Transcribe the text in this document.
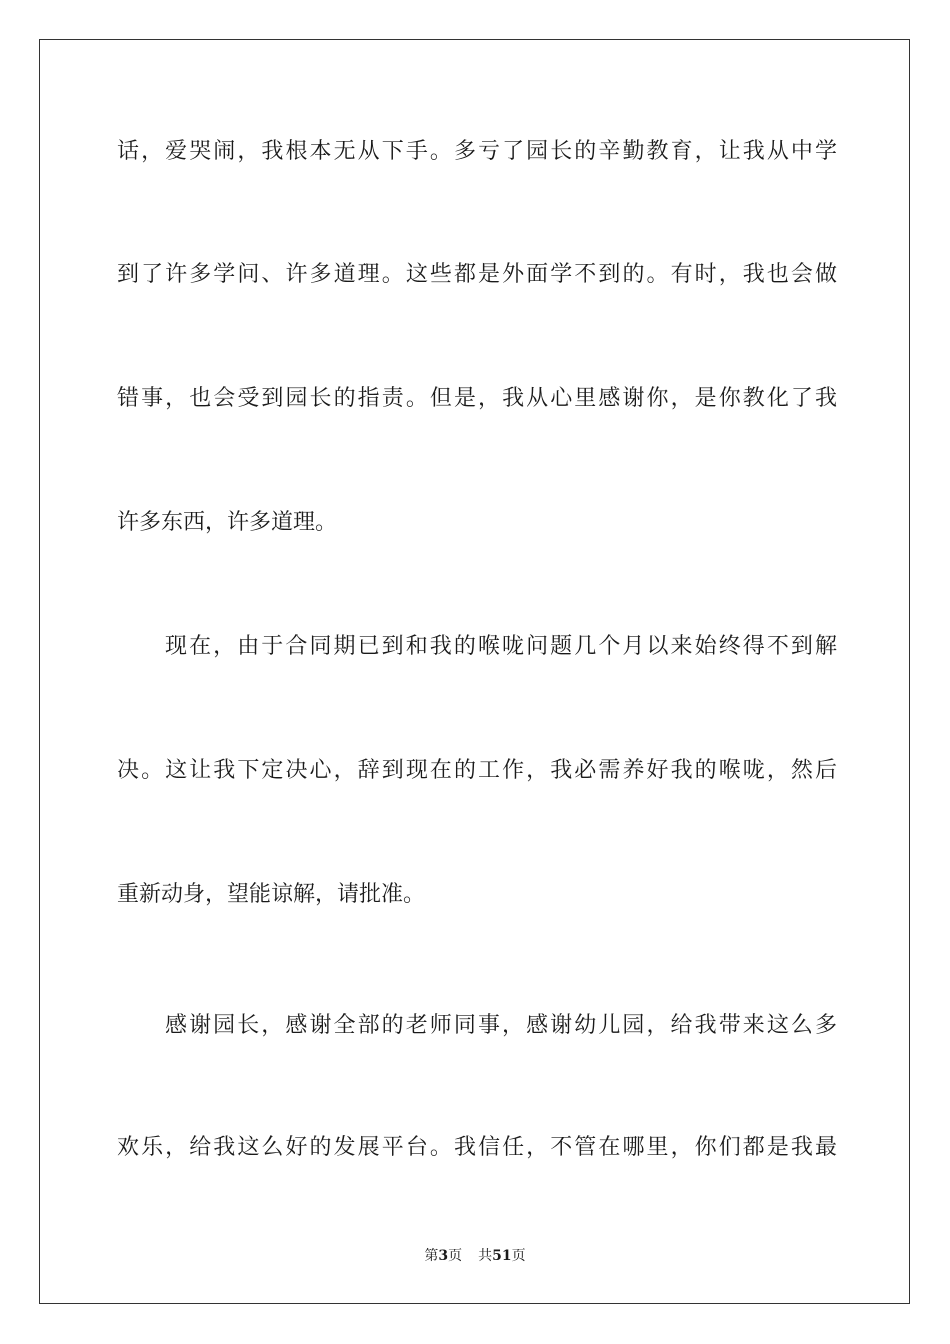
话，爱哭闹，我根本无从下手。多亏了园长的辛勤教育，让我从中学
到了许多学问、许多道理。这些都是外面学不到的。有时，我也会做
错事，也会受到园长的指责。但是，我从心里感谢你，是你教化了我
许多东西，许多道理。
现在，由于合同期已到和我的喉咙问题几个月以来始终得不到解
决。这让我下定决心，辞到现在的工作，我必需养好我的喉咙，然后
重新动身，望能谅解，请批准。
感谢园长，感谢全部的老师同事，感谢幼儿园，给我带来这么多
欢乐，给我这么好的发展平台。我信任，不管在哪里，你们都是我最
第3页 共51页
